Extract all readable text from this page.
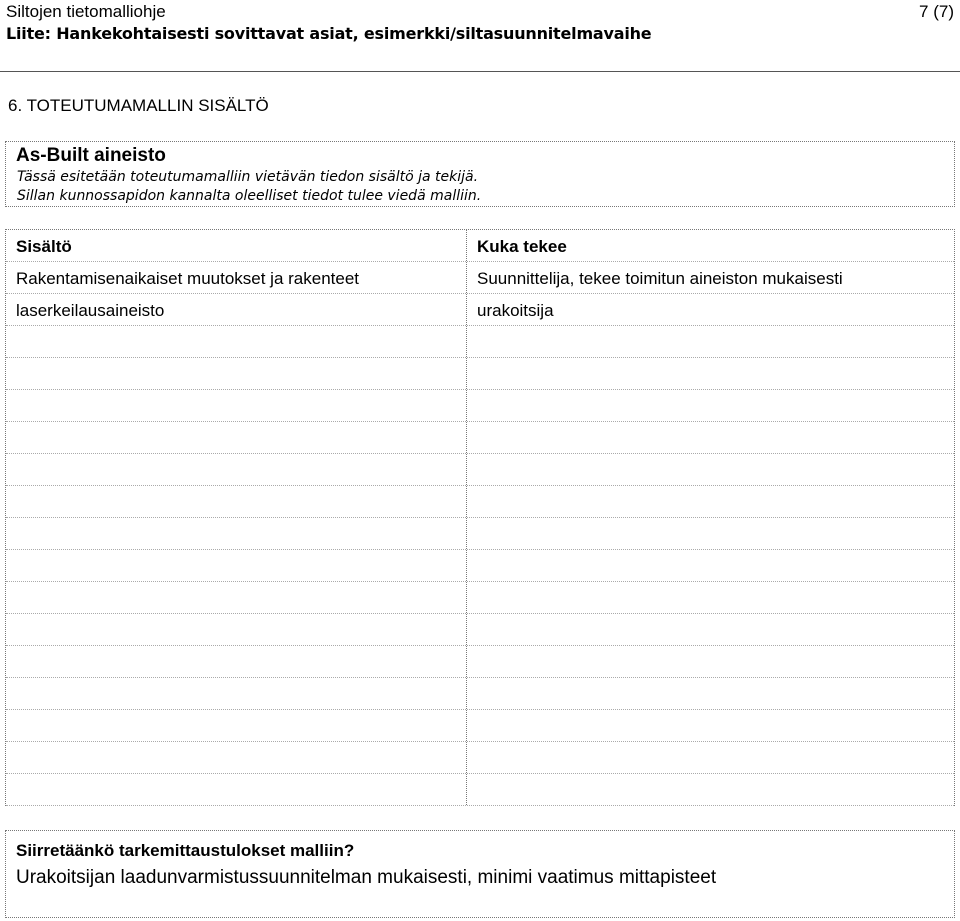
Siltojen tietomalliohje	7 (7)
Liite: Hankekohtaisesti sovittavat asiat, esimerkki/siltasuunnitelmavaihe
6. TOTEUTUMAMALLIN SISÄLTÖ
As-Built aineisto
Tässä esitetään toteutumamalliin vietävän tiedon sisältö ja tekijä.
Sillan kunnossapidon kannalta oleelliset tiedot tulee viedä malliin.
Sisältö	Kuka tekee
Rakentamisenaikaiset muutokset ja rakenteet	Suunnittelija, tekee toimitun aineiston mukaisesti
laserkeilausaineisto	urakoitsija
Siirretäänkö tarkemittaustulokset malliin?
Urakoitsijan laadunvarmistussuunnitelman mukaisesti, minimi vaatimus mittapisteet
